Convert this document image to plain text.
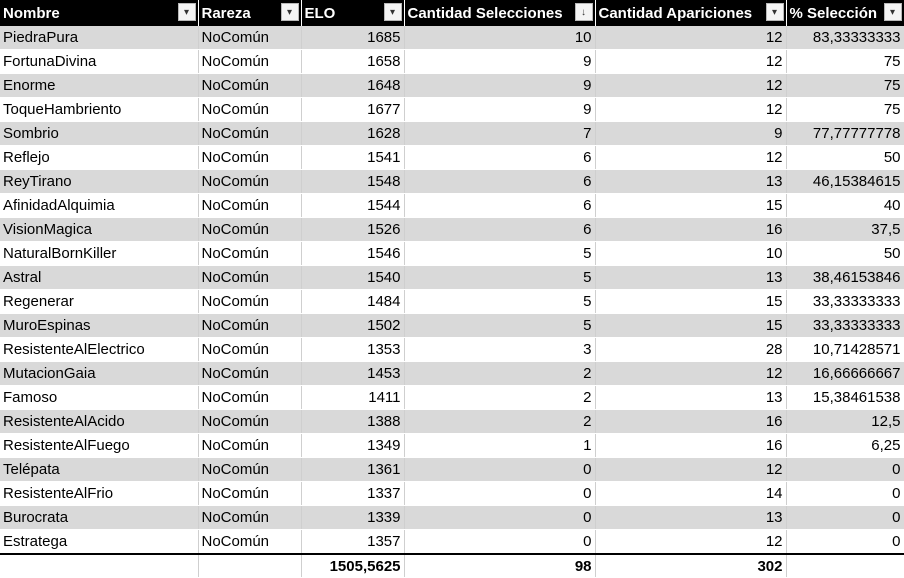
Nombre ▾	Rareza ▾	ELO ▾	Cantidad Selecciones ↓	Cantidad Apariciones ▾	% Selección ▾

PiedraPura	NoComún	1685	10	12	83,33333333
FortunaDivina	NoComún	1658	9	12	75
Enorme	NoComún	1648	9	12	75
ToqueHambriento	NoComún	1677	9	12	75
Sombrio	NoComún	1628	7	9	77,77777778
Reflejo	NoComún	1541	6	12	50
ReyTirano	NoComún	1548	6	13	46,15384615
AfinidadAlquimia	NoComún	1544	6	15	40
VisionMagica	NoComún	1526	6	16	37,5
NaturalBornKiller	NoComún	1546	5	10	50
Astral	NoComún	1540	5	13	38,46153846
Regenerar	NoComún	1484	5	15	33,33333333
MuroEspinas	NoComún	1502	5	15	33,33333333
ResistenteAlElectrico	NoComún	1353	3	28	10,71428571
MutacionGaia	NoComún	1453	2	12	16,66666667
Famoso	NoComún	1411	2	13	15,38461538
ResistenteAlAcido	NoComún	1388	2	16	12,5
ResistenteAlFuego	NoComún	1349	1	16	6,25
Telépata	NoComún	1361	0	12	0
ResistenteAlFrio	NoComún	1337	0	14	0
Burocrata	NoComún	1339	0	13	0
Estratega	NoComún	1357	0	12	0
		1505,5625	98	302	
